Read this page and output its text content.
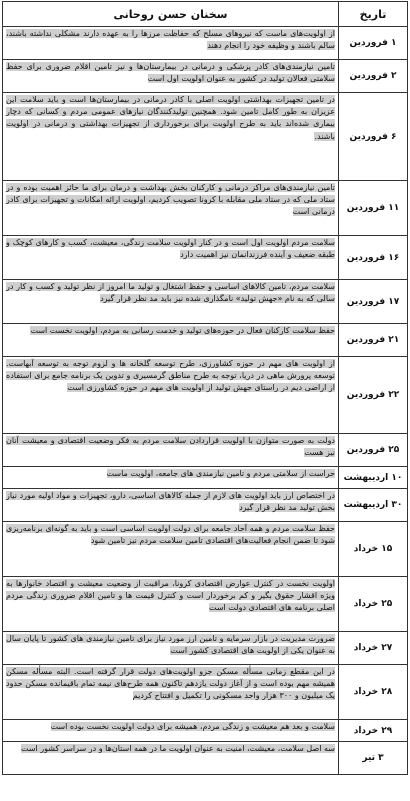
تاریخ	سخنان حسن روحانی
۱ فروردین	از اولویت‌های ماست که نیروهای مسلح که حفاظت مرزها را به عهده دارند مشکلی نداشته باشند، سالم باشند و وظیفه خود را انجام دهند
۲ فروردین	تامین نیازمندی‌های کادر پزشکی و درمانی در بیمارستان‌ها و نیز تامین اقلام ضروری برای حفظ سلامتی فعالان تولید در کشور به عنوان اولویت اول است
۶ فروردین	در تامین تجهیزات بهداشتی اولویت اصلی با کادر درمانی در بیمارستان‌ها است و باید سلامت این عزیزان به طور کامل تامین شود. همچنین تولیدکنندگان نیازهای عمومی مردم و کسانی که دچار بیماری شده‌اند باید به طرح اولویت برای برخورداری از تجهیزات بهداشتی و درمانی در اولویت باشند.
۱۱ فروردین	تامین نیازمندی‌های مراکز درمانی و کارکنان بخش بهداشت و درمان برای ما حائز اهمیت بوده و در ستاد ملی که در ستاد ملی مقابله با کرونا تصویب کردیم، اولویت ارائه امکانات و تجهیزات برای کادر درمانی است
۱۶ فروردین	سلامت مردم اولویت اول است و در کنار اولویت سلامت زندگی، معیشت، کسب و کارهای کوچک و طبقه ضعیف و آینده فرزندانمان نیز اهمیت دارد
۱۷ فروردین	سلامت مردم، تامین کالاهای اساسی و حفظ اشتغال و تولید ما امروز از نظر تولید و کسب و کار در سالی که به نام «جهش تولید» نامگذاری شده نیز باید مد نظر قرار گیرد
۲۱ فروردین	حفظ سلامت کارکنان فعال در حوزه‌های تولید و خدمت رسانی به مردم، اولویت نخست است
۲۲ فروردین	از اولویت های مهم در حوزه کشاورزی، طرح توسعه گلخانه ها و لزوم توجه به توسعه آبهاست. توسعه پرورش ماهی در دریا، توجه به طرح مناطق گرمسیری و تدوین یک برنامه جامع برای استفاده از اراضی دیم در راستای جهش تولید از اولویت های مهم در حوزه کشاورزی است
۲۵ فروردین	دولت به صورت متوازن با اولویت قراردادن سلامت مردم به فکر وضعیت اقتصادی و معیشت آنان نیز هست
۱۰ اردیبهشت	حراست از سلامتی مردم و تامین نیازمندی های جامعه، اولویت ماست
۳۰ اردیبهشت	در اختصاص ارز باید اولویت های لازم از جمله کالاهای اساسی، دارو، تجهیزات و مواد اولیه مورد نیاز بخش تولید مد نظر قرار گیرد
۱۵ خرداد	حفظ سلامت مردم و همه آحاد جامعه برای دولت اولویت اساسی است و باید به گونه‌ای برنامه‌ریزی شود تا ضمن انجام فعالیت‌های اقتصادی تامین سلامت مردم نیز تامین شود
۲۵ خرداد	اولویت نخست در کنترل عوارض اقتصادی کرونا، مراقبت از وضعیت معیشت و اقتصاد خانوارها به ویژه اقشار حقوق بگیر و کم برخوردار است و کنترل قیمت ها و تامین اقلام ضروری زندگی مردم اصلی برنامه های اقتصادی دولت است
۲۷ خرداد	ضرورت مدیریت در بازار سرمایه و تامین ارز مورد نیاز برای تامین نیازمندی های کشور تا پایان سال به عنوان یکی از اولویت های اقتصادی کشور است
۲۸ خرداد	در این مقطع زمانی مسأله مسکن جزو اولویت‌های دولت قرار گرفته است. البته مسأله مسکن همیشه مهم بوده است و از آغاز دولت یازدهم تاکنون همه طرح‌های نیمه تمام باقیمانده مسکن حدود یک میلیون و ۳۰۰ هزار واحد مسکونی را تکمیل و افتتاح کردیم
۲۹ خرداد	سلامت و بعد هم معیشت و زندگی مردم، همیشه برای دولت اولویت نخست بوده است
۳ تیر	سه اصل سلامت، معیشت، امنیت به عنوان اولویت ما در همه استان‌ها و در سراسر کشور است
